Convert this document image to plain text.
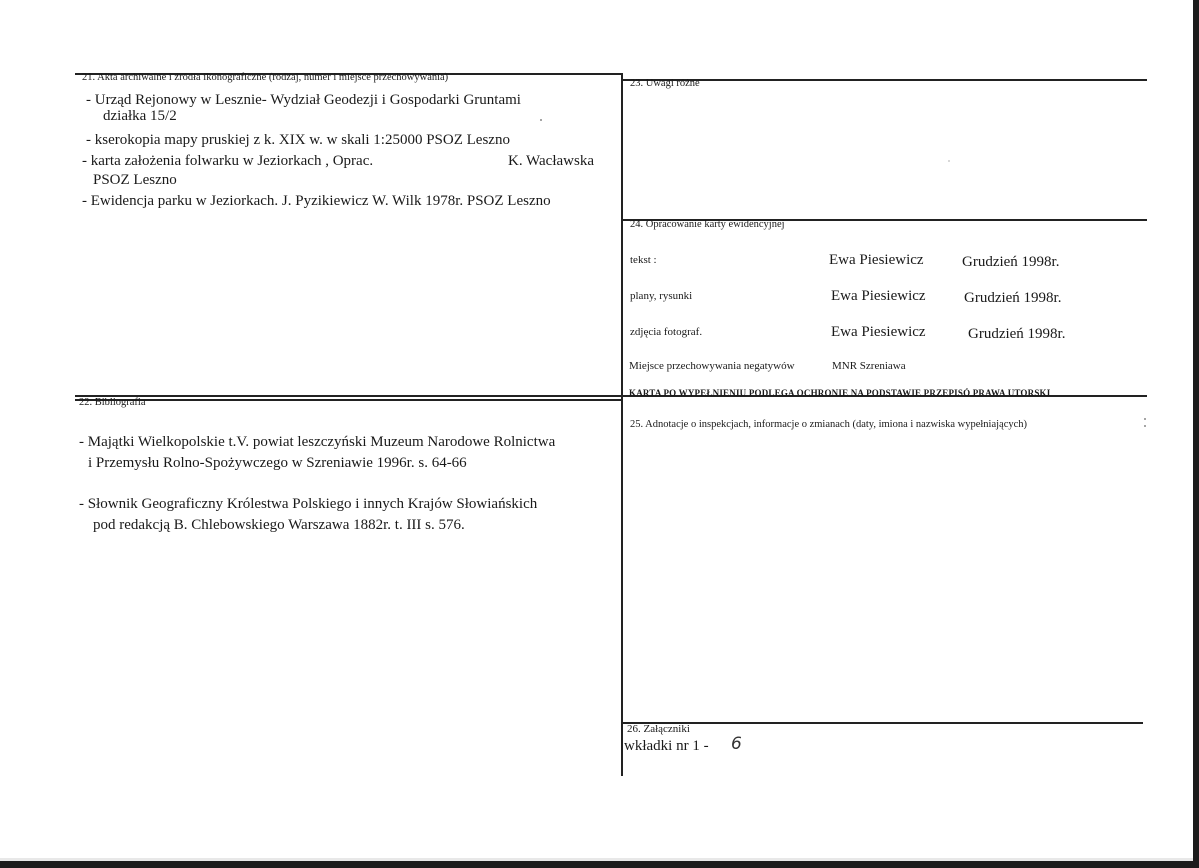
21. Akta archiwalne i źródła ikonograficzne (rodzaj, numer i miejsce przechowywania)
- Urząd Rejonowy w Lesznie- Wydział Geodezji i Gospodarki Gruntami
działka 15/2
- kserokopia mapy pruskiej z k. XIX w. w skali 1:25000 PSOZ Leszno
- karta założenia folwarku w Jeziorkach , Oprac.	K. Wacławska
PSOZ Leszno
- Ewidencja parku w Jeziorkach. J. Pyzikiewicz W. Wilk 1978r. PSOZ Leszno
23. Uwagi różne
24. Opracowanie karty ewidencyjnej
tekst :	Ewa Piesiewicz	Grudzień 1998r.
plany, rysunki	Ewa Piesiewicz	Grudzień 1998r.
zdjęcia fotograf.	Ewa Piesiewicz	Grudzień 1998r.
Miejsce przechowywania negatywów	MNR Szreniawa
KARTA PO WYPEŁNIENIU PODLEGA OCHRONIE NA PODSTAWIE PRZEPISÓ PRAWA UTORSKI
22. Bibliografia
- Majątki Wielkopolskie t.V. powiat leszczyński Muzeum Narodowe Rolnictwa
i Przemysłu Rolno-Spożywczego w Szreniawie 1996r. s. 64-66
- Słownik Geograficzny Królestwa Polskiego i innych Krajów Słowiańskich
pod redakcją B. Chlebowskiego Warszawa 1882r. t. III s. 576.
25. Adnotacje o inspekcjach, informacje o zmianach (daty, imiona i nazwiska wypełniających)
26. Załączniki
wkładki nr 1 - 6
